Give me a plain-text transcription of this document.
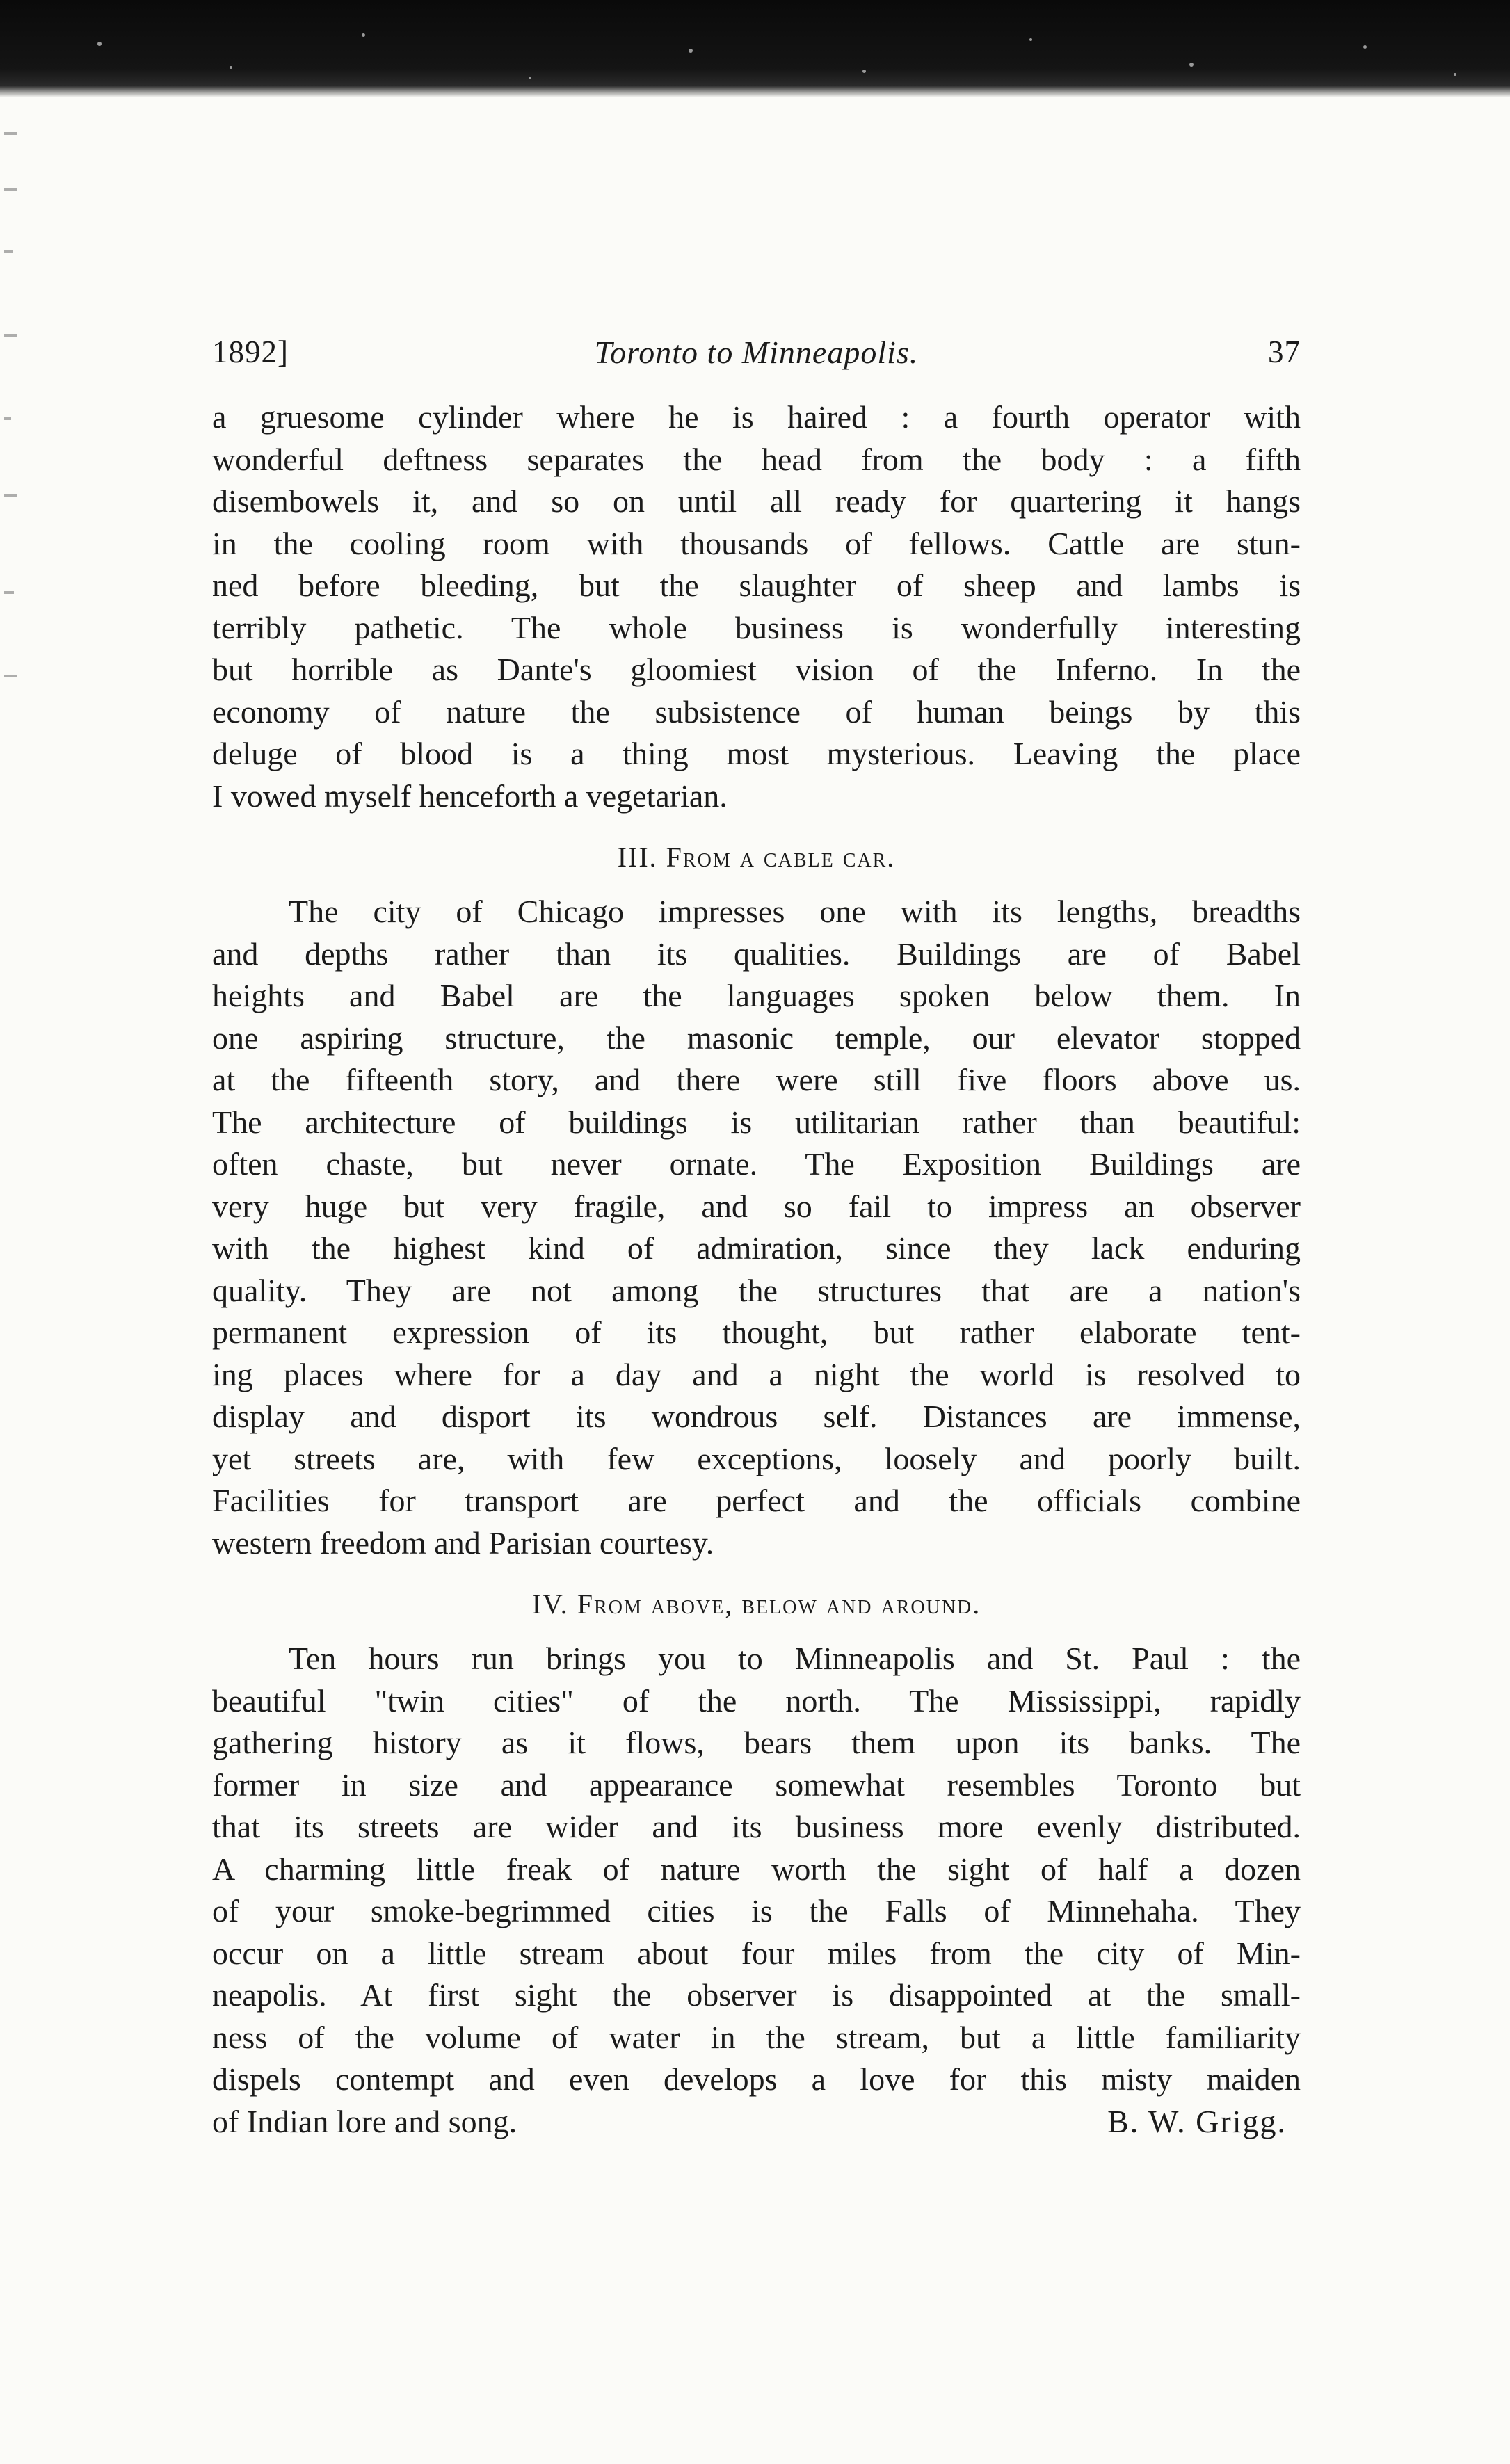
1892]	Toronto to Minneapolis.	37

a gruesome cylinder where he is haired : a fourth operator with
wonderful deftness separates the head from the body : a fifth
disembowels it, and so on until all ready for quartering it hangs
in the cooling room with thousands of fellows. Cattle are stun-
ned before bleeding, but the slaughter of sheep and lambs is
terribly pathetic. The whole business is wonderfully interesting
but horrible as Dante's gloomiest vision of the Inferno. In the
economy of nature the subsistence of human beings by this
deluge of blood is a thing most mysterious. Leaving the place
I vowed myself henceforth a vegetarian.

III. From a cable car.

The city of Chicago impresses one with its lengths, breadths
and depths rather than its qualities. Buildings are of Babel
heights and Babel are the languages spoken below them. In
one aspiring structure, the masonic temple, our elevator stopped
at the fifteenth story, and there were still five floors above us.
The architecture of buildings is utilitarian rather than beautiful:
often chaste, but never ornate. The Exposition Buildings are
very huge but very fragile, and so fail to impress an observer
with the highest kind of admiration, since they lack enduring
quality. They are not among the structures that are a nation's
permanent expression of its thought, but rather elaborate tent-
ing places where for a day and a night the world is resolved to
display and disport its wondrous self. Distances are immense,
yet streets are, with few exceptions, loosely and poorly built.
Facilities for transport are perfect and the officials combine
western freedom and Parisian courtesy.

IV. From above, below and around.

Ten hours run brings you to Minneapolis and St. Paul : the
beautiful "twin cities" of the north. The Mississippi, rapidly
gathering history as it flows, bears them upon its banks. The
former in size and appearance somewhat resembles Toronto but
that its streets are wider and its business more evenly distributed.
A charming little freak of nature worth the sight of half a dozen
of your smoke-begrimmed cities is the Falls of Minnehaha. They
occur on a little stream about four miles from the city of Min-
neapolis. At first sight the observer is disappointed at the small-
ness of the volume of water in the stream, but a little familiarity
dispels contempt and even develops a love for this misty maiden
of Indian lore and song.	B. W. Grigg.
